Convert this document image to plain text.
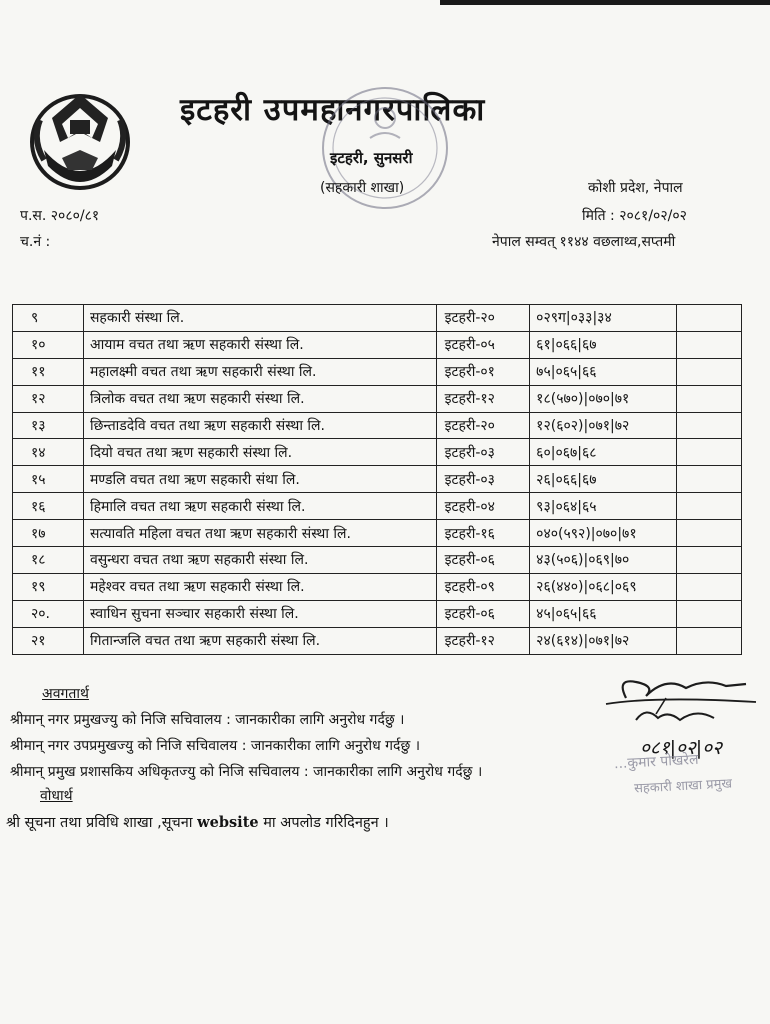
इटहरी उपमहानगरपालिका
इटहरी, सुनसरी
(सहकारी शाखा)	कोशी प्रदेश, नेपाल
प.स. २०८०/८१	मिति : २०८१/०२/०२
च.नं :	नेपाल सम्वत् ११४४ वछलाथ्व,सप्तमी
९	सहकारी संस्था लि.	इटहरी-२०	०२९ग|०३३|३४	
१०	आयाम वचत तथा ऋण सहकारी संस्था लि.	इटहरी-०५	६१|०६६|६७	
११	महालक्ष्मी वचत तथा ऋण सहकारी संस्था लि.	इटहरी-०१	७५|०६५|६६	
१२	त्रिलोक वचत तथा ऋण सहकारी संस्था लि.	इटहरी-१२	१८(५७०)|०७०|७१	
१३	छिन्ताडदेवि वचत तथा ऋण सहकारी संस्था लि.	इटहरी-२०	१२(६०२)|०७१|७२	
१४	दियो वचत तथा ऋण सहकारी संस्था लि.	इटहरी-०३	६०|०६७|६८	
१५	मण्डलि वचत तथा ऋण सहकारी संथा लि.	इटहरी-०३	२६|०६६|६७	
१६	हिमालि वचत तथा ऋण सहकारी संस्था लि.	इटहरी-०४	९३|०६४|६५	
१७	सत्यावति महिला वचत तथा ऋण सहकारी संस्था लि.	इटहरी-१६	०४०(५९२)|०७०|७१	
१८	वसुन्धरा वचत तथा ऋण सहकारी संस्था लि.	इटहरी-०६	४३(५०६)|०६९|७०	
१९	महेश्वर वचत तथा ऋण सहकारी संस्था लि.	इटहरी-०९	२६(४४०)|०६८|०६९	
२०.	स्वाधिन सुचना सञ्चार सहकारी संस्था लि.	इटहरी-०६	४५|०६५|६६	
२१	गितान्जलि वचत तथा ऋण सहकारी संस्था लि.	इटहरी-१२	२४(६१४)|०७१|७२	
अवगतार्थ
श्रीमान् नगर प्रमुखज्यु को निजि सचिवालय : जानकारीका लागि अनुरोध गर्दछु ।
श्रीमान् नगर उपप्रमुखज्यु को निजि सचिवालय : जानकारीका लागि अनुरोध गर्दछु ।
श्रीमान् प्रमुख प्रशासकिय अधिकृतज्यु को निजि सचिवालय : जानकारीका लागि अनुरोध गर्दछु ।
वोधार्थ
श्री सूचना तथा प्रविधि शाखा ,सूचना website मा अपलोड गरिदिनहुन ।
०८१|०२|०२
...कुमार पोखरेल
सहकारी शाखा प्रमुख
